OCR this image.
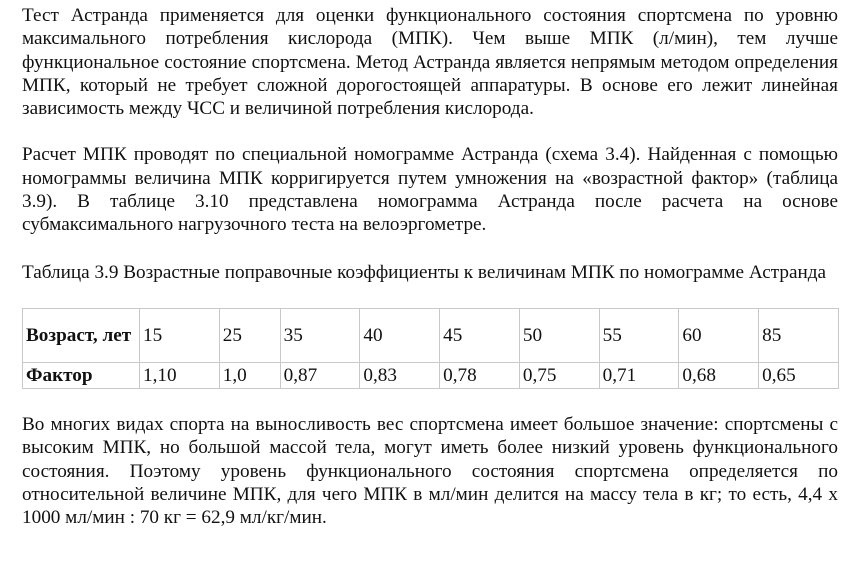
Тест Астранда применяется для оценки функционального состояния спортсмена по уровню максимального потребления кислорода (МПК). Чем выше МПК (л/мин), тем лучше функциональное состояние спортсмена. Метод Астранда является непрямым методом определения МПК, который не требует сложной дорогостоящей аппаратуры. В основе его лежит линейная зависимость между ЧСС и величиной потребления кислорода.

Расчет МПК проводят по специальной номограмме Астранда (схема 3.4). Найденная с помощью номограммы величина МПК корригируется путем умножения на «возрастной фактор» (таблица 3.9). В таблице 3.10 представлена номограмма Астранда после расчета на основе субмаксимального нагрузочного теста на велоэргометре.

Таблица 3.9 Возрастные поправочные коэффициенты к величинам МПК по номограмме Астранда

Возраст, лет	15	25	35	40	45	50	55	60	85
Фактор	1,10	1,0	0,87	0,83	0,78	0,75	0,71	0,68	0,65

Во многих видах спорта на выносливость вес спортсмена имеет большое значение: спортсмены с высоким МПК, но большой массой тела, могут иметь более низкий уровень функционального состояния. Поэтому уровень функционального состояния спортсмена определяется по относительной величине МПК, для чего МПК в мл/мин делится на массу тела в кг; то есть, 4,4 х 1000 мл/мин : 70 кг = 62,9 мл/кг/мин.
